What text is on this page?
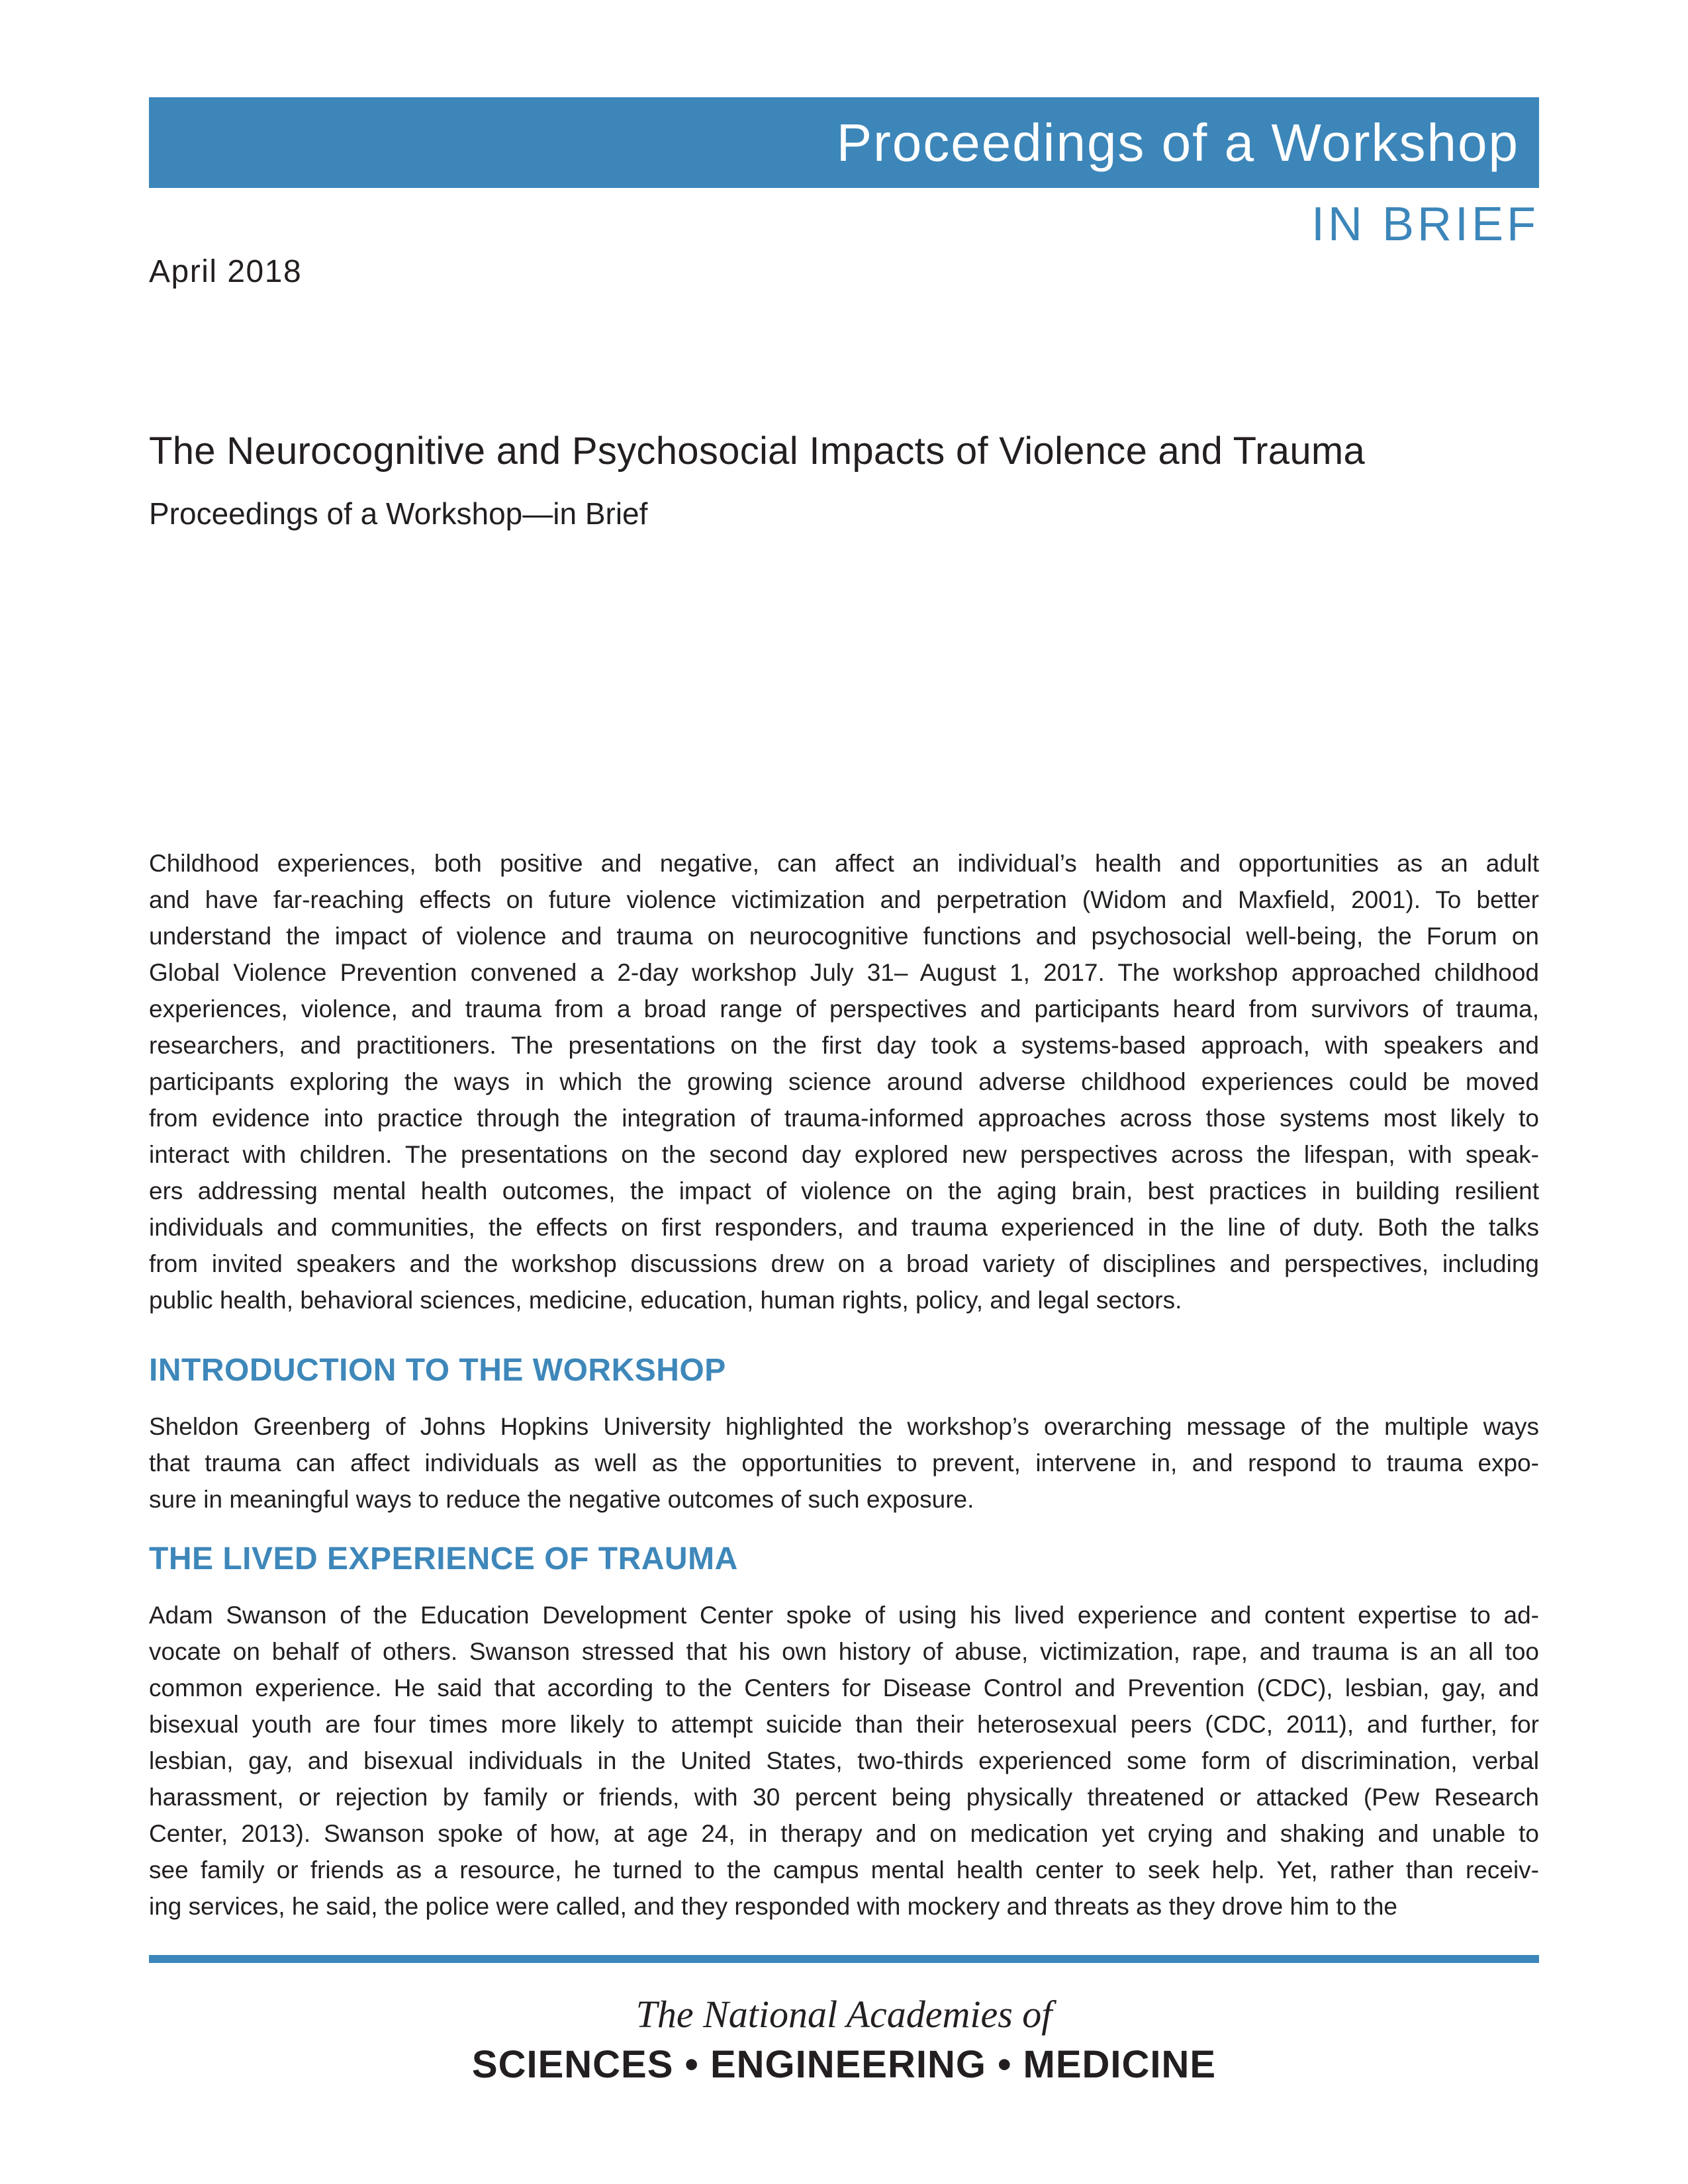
Proceedings of a Workshop
IN BRIEF
April 2018
The Neurocognitive and Psychosocial Impacts of Violence and Trauma
Proceedings of a Workshop—in Brief
Childhood experiences, both positive and negative, can affect an individual’s health and opportunities as an adult
and have far-reaching effects on future violence victimization and perpetration (Widom and Maxfield, 2001). To better
understand the impact of violence and trauma on neurocognitive functions and psychosocial well-being, the Forum on
Global Violence Prevention convened a 2-day workshop July 31– August 1, 2017. The workshop approached childhood
experiences, violence, and trauma from a broad range of perspectives and participants heard from survivors of trauma,
researchers, and practitioners. The presentations on the first day took a systems-based approach, with speakers and
participants exploring the ways in which the growing science around adverse childhood experiences could be moved
from evidence into practice through the integration of trauma-informed approaches across those systems most likely to
interact with children. The presentations on the second day explored new perspectives across the lifespan, with speak-
ers addressing mental health outcomes, the impact of violence on the aging brain, best practices in building resilient
individuals and communities, the effects on first responders, and trauma experienced in the line of duty. Both the talks
from invited speakers and the workshop discussions drew on a broad variety of disciplines and perspectives, including
public health, behavioral sciences, medicine, education, human rights, policy, and legal sectors.
INTRODUCTION TO THE WORKSHOP
Sheldon Greenberg of Johns Hopkins University highlighted the workshop’s overarching message of the multiple ways
that trauma can affect individuals as well as the opportunities to prevent, intervene in, and respond to trauma expo-
sure in meaningful ways to reduce the negative outcomes of such exposure.
THE LIVED EXPERIENCE OF TRAUMA
Adam Swanson of the Education Development Center spoke of using his lived experience and content expertise to ad-
vocate on behalf of others. Swanson stressed that his own history of abuse, victimization, rape, and trauma is an all too
common experience. He said that according to the Centers for Disease Control and Prevention (CDC), lesbian, gay, and
bisexual youth are four times more likely to attempt suicide than their heterosexual peers (CDC, 2011), and further, for
lesbian, gay, and bisexual individuals in the United States, two-thirds experienced some form of discrimination, verbal
harassment, or rejection by family or friends, with 30 percent being physically threatened or attacked (Pew Research
Center, 2013). Swanson spoke of how, at age 24, in therapy and on medication yet crying and shaking and unable to
see family or friends as a resource, he turned to the campus mental health center to seek help. Yet, rather than receiv-
ing services, he said, the police were called, and they responded with mockery and threats as they drove him to the
The National Academies of
SCIENCES • ENGINEERING • MEDICINE
